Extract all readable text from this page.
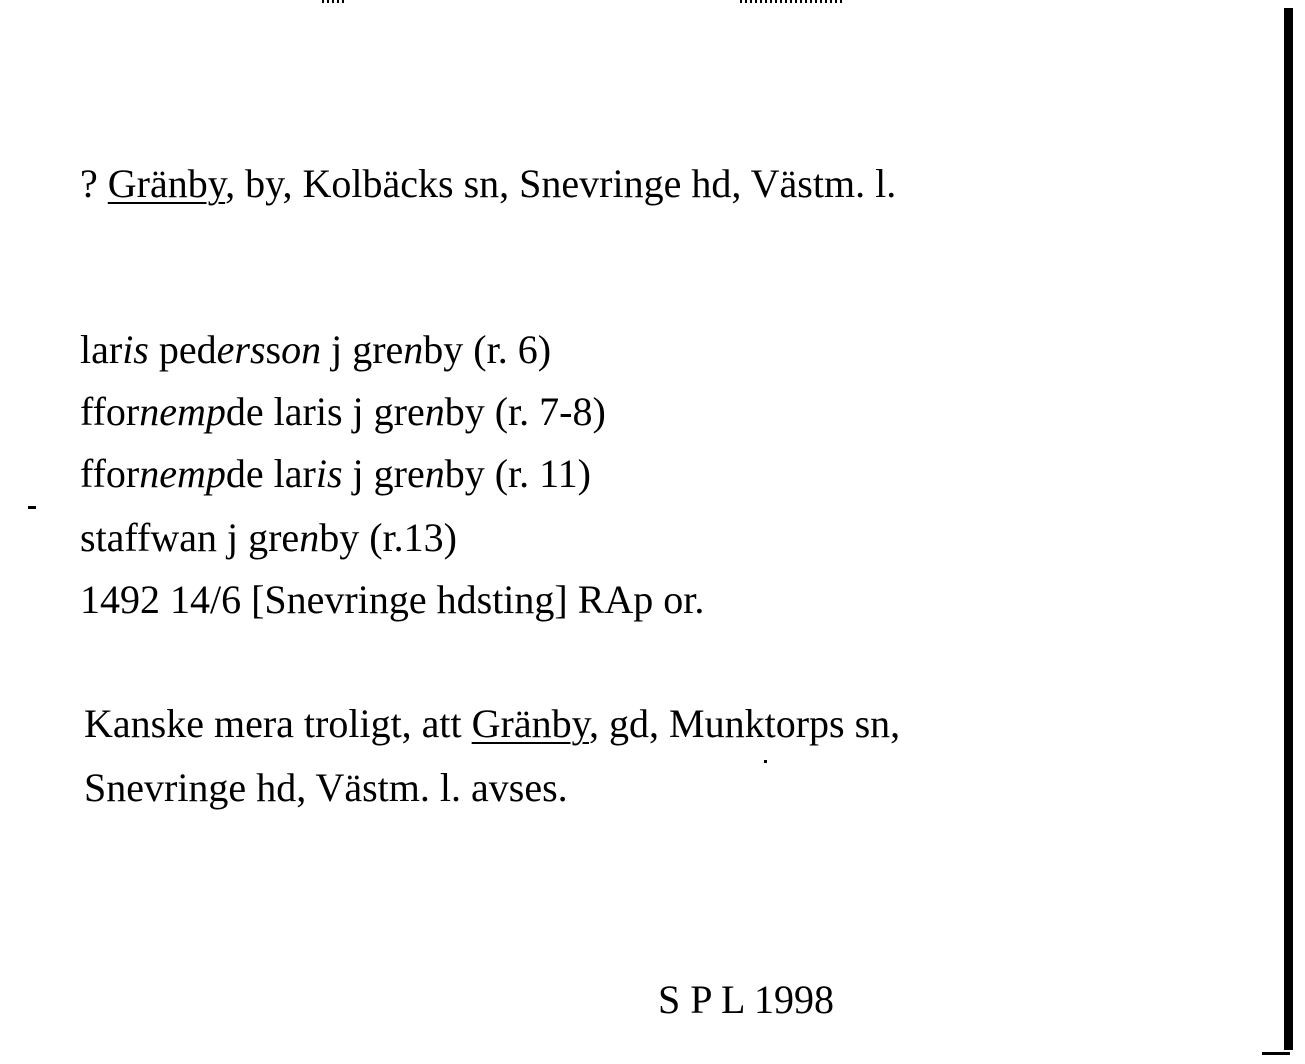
? Gränby, by, Kolbäcks sn, Snevringe hd, Västm. l.
laris pedersson j grenby (r. 6)
ffornempde laris j grenby (r. 7-8)
ffornempde laris j grenby (r. 11)
staffwan j grenby (r.13)
1492 14/6 [Snevringe hdsting] RAp or.
Kanske mera troligt, att Gränby, gd, Munktorps sn,
Snevringe hd, Västm. l. avses.
S P L 1998
